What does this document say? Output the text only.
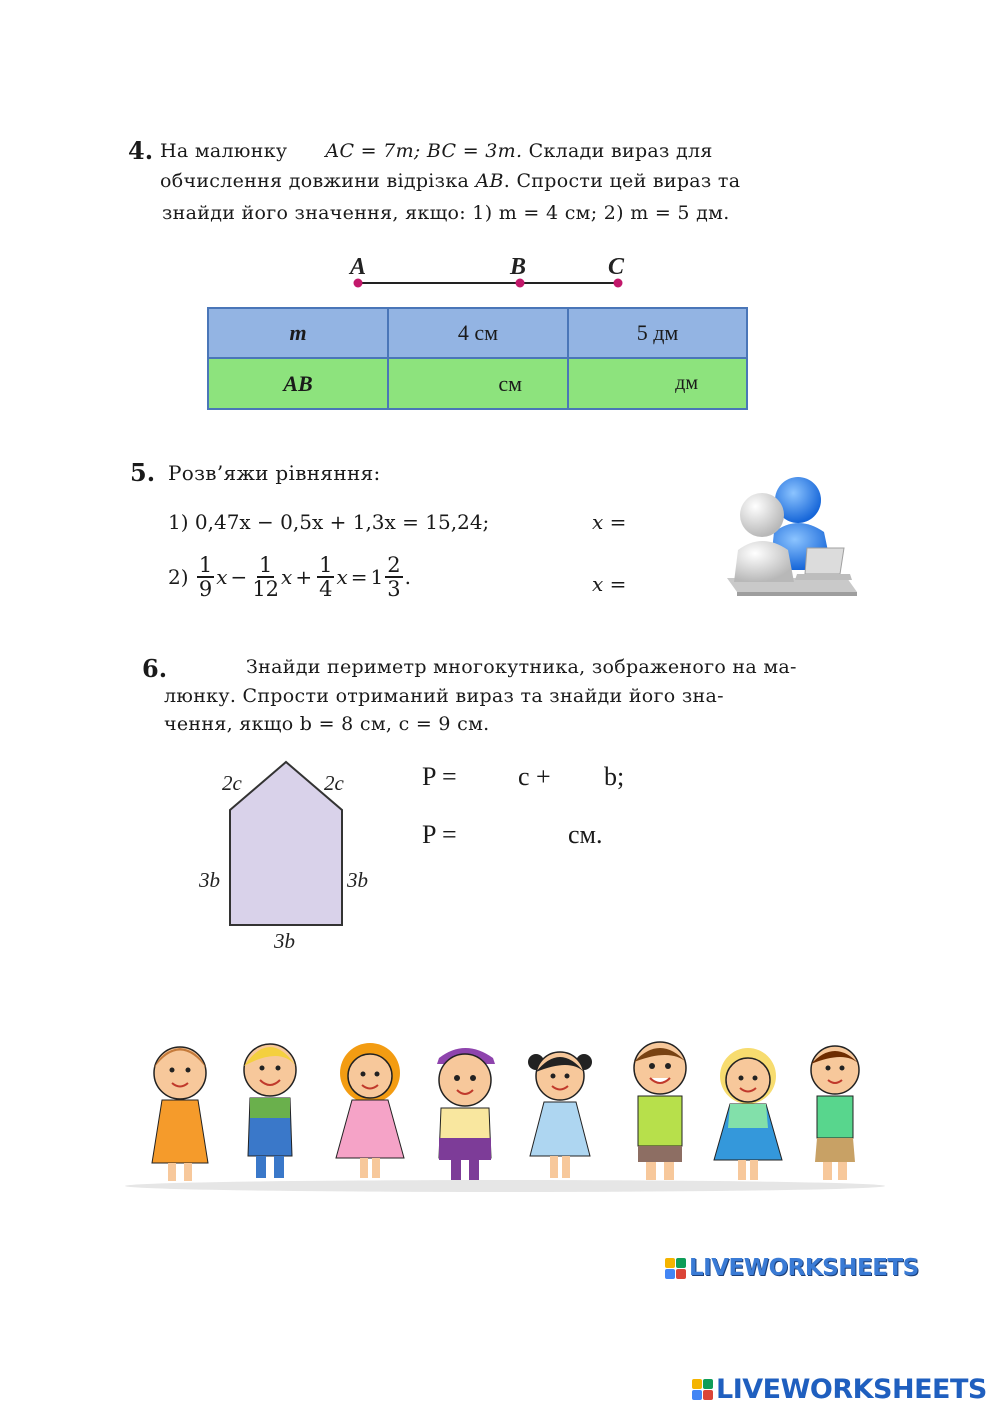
4. На малюнку AC = 7m; BC = 3m. Склади вираз для
обчислення довжини відрізка AB. Спрости цей вираз та
знайди його значення, якщо: 1) m = 4 см; 2) m = 5 дм.
A	B	C
m	4 см	5 дм
AB	см	дм
5. Розв’яжи рівняння:
1) 0,47x − 0,5x + 1,3x = 15,24;	x =
2)
$\frac{1}{9}$ $x - \frac{1}{12}$ $x + \frac{1}{4}$ $x = 1 \frac{2}{3}$ .	x =
6.	Знайди периметр многокутника, зображеного на ма-
люнку. Спрости отриманий вираз та знайди його зна-
чення, якщо b = 8 см, c = 9 см.
2c	2c
3b	3b
3b
P = c + b;
P =	см.
LIVEWORKSHEETS
LIVEWORKSHEETS
